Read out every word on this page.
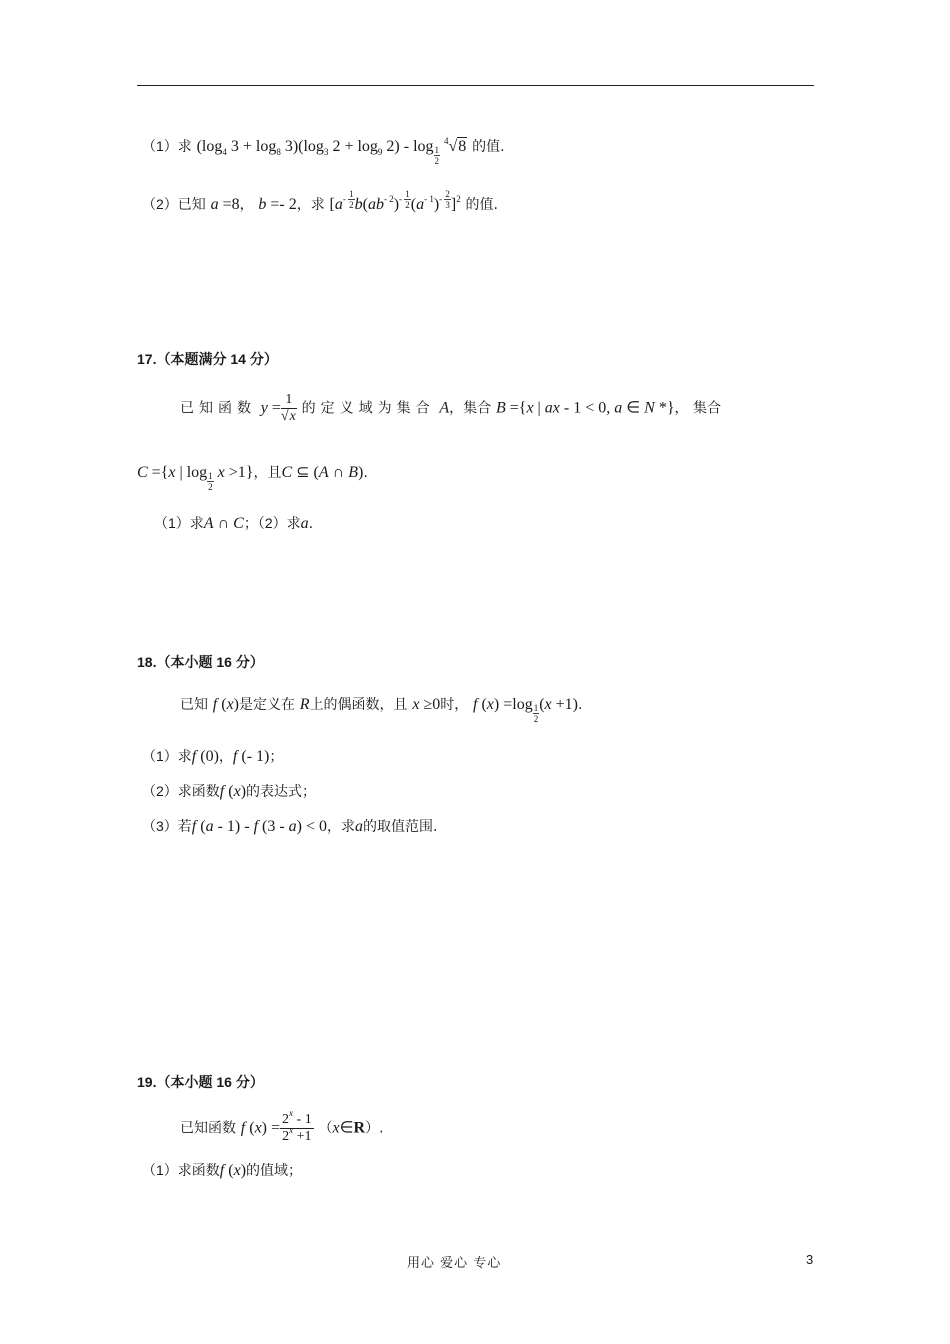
（1）求 ($\log_4$ $3 + \log_8 3)(\log_3$ $2 + \log_9 2) - \log \frac{1}{2} ^4√8$ 的值.
（2）已知 a =8， b =- 2，求 $[a^{- \frac{1}{2}}b(ab^{- 2})^{- \frac{1}{2}}(a^{- 1})^{- \frac{2}{3}}]^2$ 的值.
17.（本题满分 14 分）
已知函数 $y = \frac{1}{√x}$ 的定义域为集合 A，集合 B ={x | ax - 1 < 0, a ∈ N *}， 集合
C ={x | $\log \frac{1}{2}$ x >1}，且C ⊆ (A ∩ B).
（1）求A ∩ C；（2）求a.
18.（本小题 16 分）
已知 f (x)是定义在 R上的偶函数，且 x ≥0时， f $(x) =\log \frac{1}{2}(x +1)$.
（1）求f (0)，f (- 1)；
（2）求函数f (x)的表达式；
（3）若f (a - 1) - f (3 - a) < 0，求a的取值范围.
19.（本小题 16 分）
已知函数 f $(x) = \frac{2^x - 1}{2^x +1}$ （x∈R）.
（1）求函数f (x)的值域；
用心 爱心 专心	3
